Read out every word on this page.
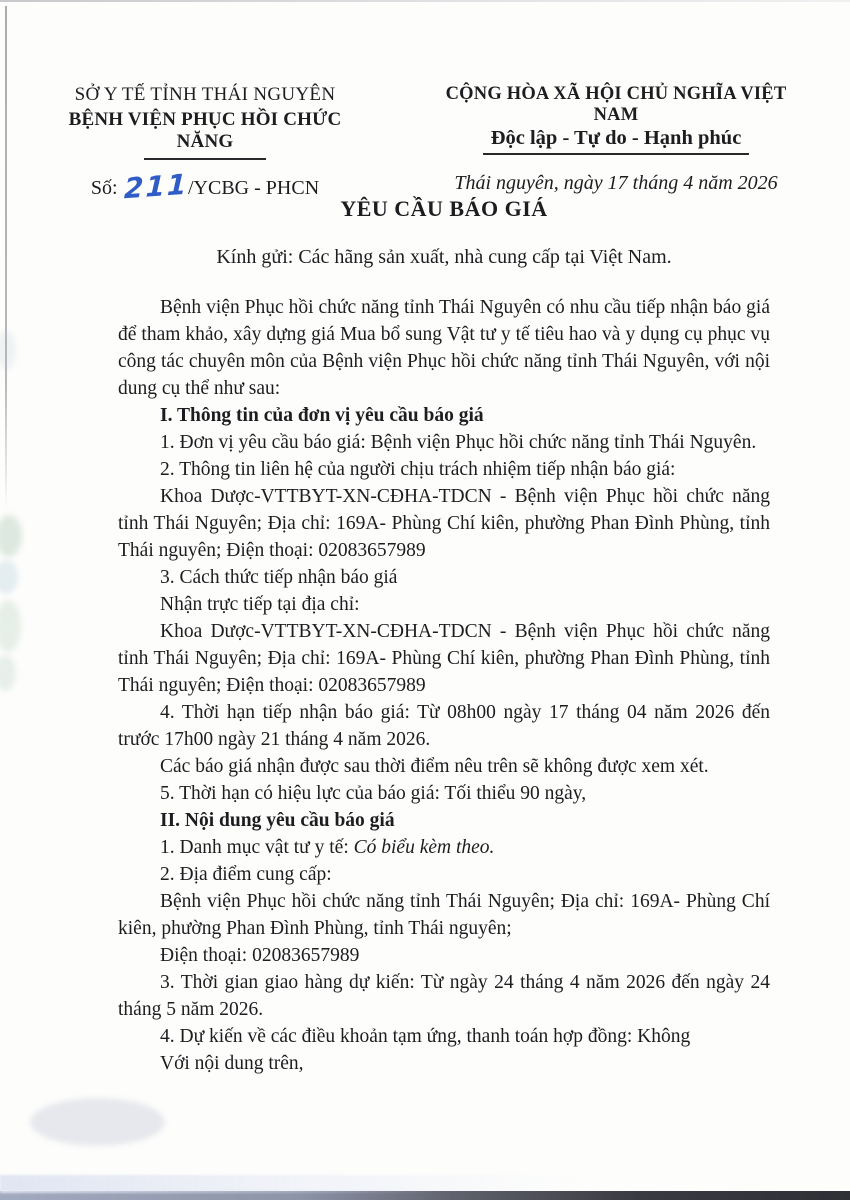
SỞ Y TẾ TỈNH THÁI NGUYÊN
BỆNH VIỆN PHỤC HỒI CHỨC NĂNG
Số: 211/YCBG - PHCN
CỘNG HÒA XÃ HỘI CHỦ NGHĨA VIỆT NAM
Độc lập - Tự do - Hạnh phúc
Thái nguyên, ngày 17 tháng 4 năm 2026
YÊU CẦU BÁO GIÁ
Kính gửi: Các hãng sản xuất, nhà cung cấp tại Việt Nam.

Bệnh viện Phục hồi chức năng tỉnh Thái Nguyên có nhu cầu tiếp nhận báo giá để tham khảo, xây dựng giá Mua bổ sung Vật tư y tế tiêu hao và y dụng cụ phục vụ công tác chuyên môn của Bệnh viện Phục hồi chức năng tỉnh Thái Nguyên, với nội dung cụ thể như sau:

I. Thông tin của đơn vị yêu cầu báo giá

1. Đơn vị yêu cầu báo giá: Bệnh viện Phục hồi chức năng tỉnh Thái Nguyên.

2. Thông tin liên hệ của người chịu trách nhiệm tiếp nhận báo giá:

Khoa Dược-VTTBYT-XN-CĐHA-TDCN - Bệnh viện Phục hồi chức năng tỉnh Thái Nguyên; Địa chỉ: 169A- Phùng Chí kiên, phường Phan Đình Phùng, tỉnh Thái nguyên; Điện thoại: 02083657989

3. Cách thức tiếp nhận báo giá

Nhận trực tiếp tại địa chỉ:

Khoa Dược-VTTBYT-XN-CĐHA-TDCN - Bệnh viện Phục hồi chức năng tỉnh Thái Nguyên; Địa chỉ: 169A- Phùng Chí kiên, phường Phan Đình Phùng, tỉnh Thái nguyên; Điện thoại: 02083657989

4. Thời hạn tiếp nhận báo giá: Từ 08h00 ngày 17 tháng 04 năm 2026 đến trước 17h00 ngày 21 tháng 4 năm 2026.

Các báo giá nhận được sau thời điểm nêu trên sẽ không được xem xét.

5. Thời hạn có hiệu lực của báo giá: Tối thiểu 90 ngày,

II. Nội dung yêu cầu báo giá

1. Danh mục vật tư y tế: Có biểu kèm theo.

2. Địa điểm cung cấp:

Bệnh viện Phục hồi chức năng tỉnh Thái Nguyên; Địa chỉ: 169A- Phùng Chí kiên, phường Phan Đình Phùng, tỉnh Thái nguyên;

Điện thoại: 02083657989

3. Thời gian giao hàng dự kiến: Từ ngày 24 tháng 4 năm 2026 đến ngày 24 tháng 5 năm 2026.

4. Dự kiến về các điều khoản tạm ứng, thanh toán hợp đồng: Không

Với nội dung trên,
